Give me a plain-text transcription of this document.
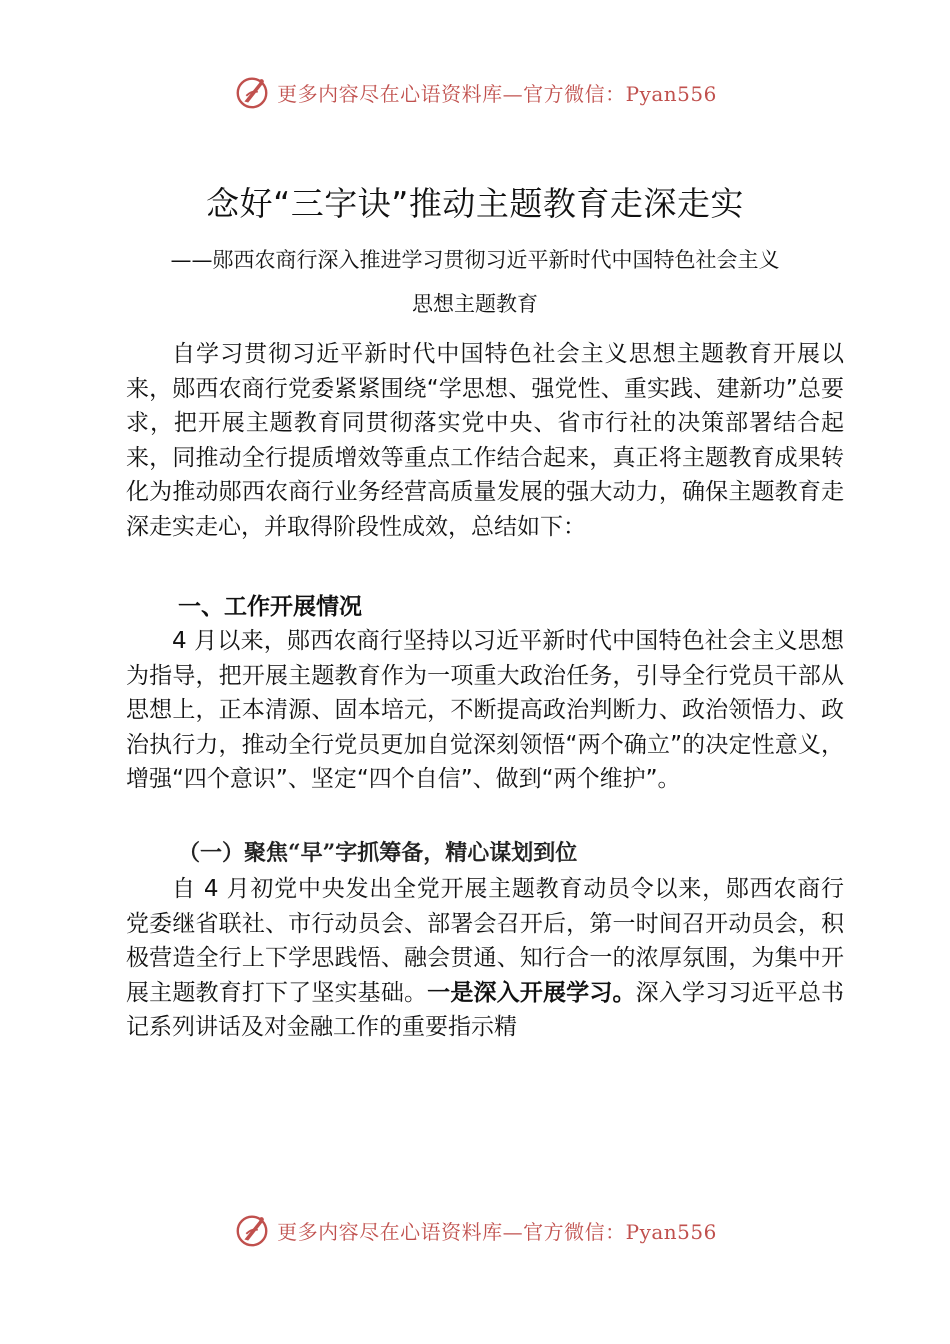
更多内容尽在心语资料库—官方微信：Pyan556
念好“三字诀”推动主题教育走深走实
——郧西农商行深入推进学习贯彻习近平新时代中国特色社会主义
思想主题教育

自学习贯彻习近平新时代中国特色社会主义思想主题教育开展以来，郧西农商行党委紧紧围绕“学思想、强党性、重实践、建新功”总要求，把开展主题教育同贯彻落实党中央、省市行社的决策部署结合起来，同推动全行提质增效等重点工作结合起来，真正将主题教育成果转化为推动郧西农商行业务经营高质量发展的强大动力，确保主题教育走深走实走心，并取得阶段性成效，总结如下：

一、工作开展情况

4 月以来，郧西农商行坚持以习近平新时代中国特色社会主义思想为指导，把开展主题教育作为一项重大政治任务，引导全行党员干部从思想上，正本清源、固本培元，不断提高政治判断力、政治领悟力、政治执行力，推动全行党员更加自觉深刻领悟“两个确立”的决定性意义，增强“四个意识”、坚定“四个自信”、做到“两个维护”。

（一）聚焦“早”字抓筹备，精心谋划到位

自 4 月初党中央发出全党开展主题教育动员令以来，郧西农商行党委继省联社、市行动员会、部署会召开后，第一时间召开动员会，积极营造全行上下学思践悟、融会贯通、知行合一的浓厚氛围，为集中开展主题教育打下了坚实基础。一是深入开展学习。深入学习习近平总书记系列讲话及对金融工作的重要指示精

更多内容尽在心语资料库—官方微信：Pyan556
